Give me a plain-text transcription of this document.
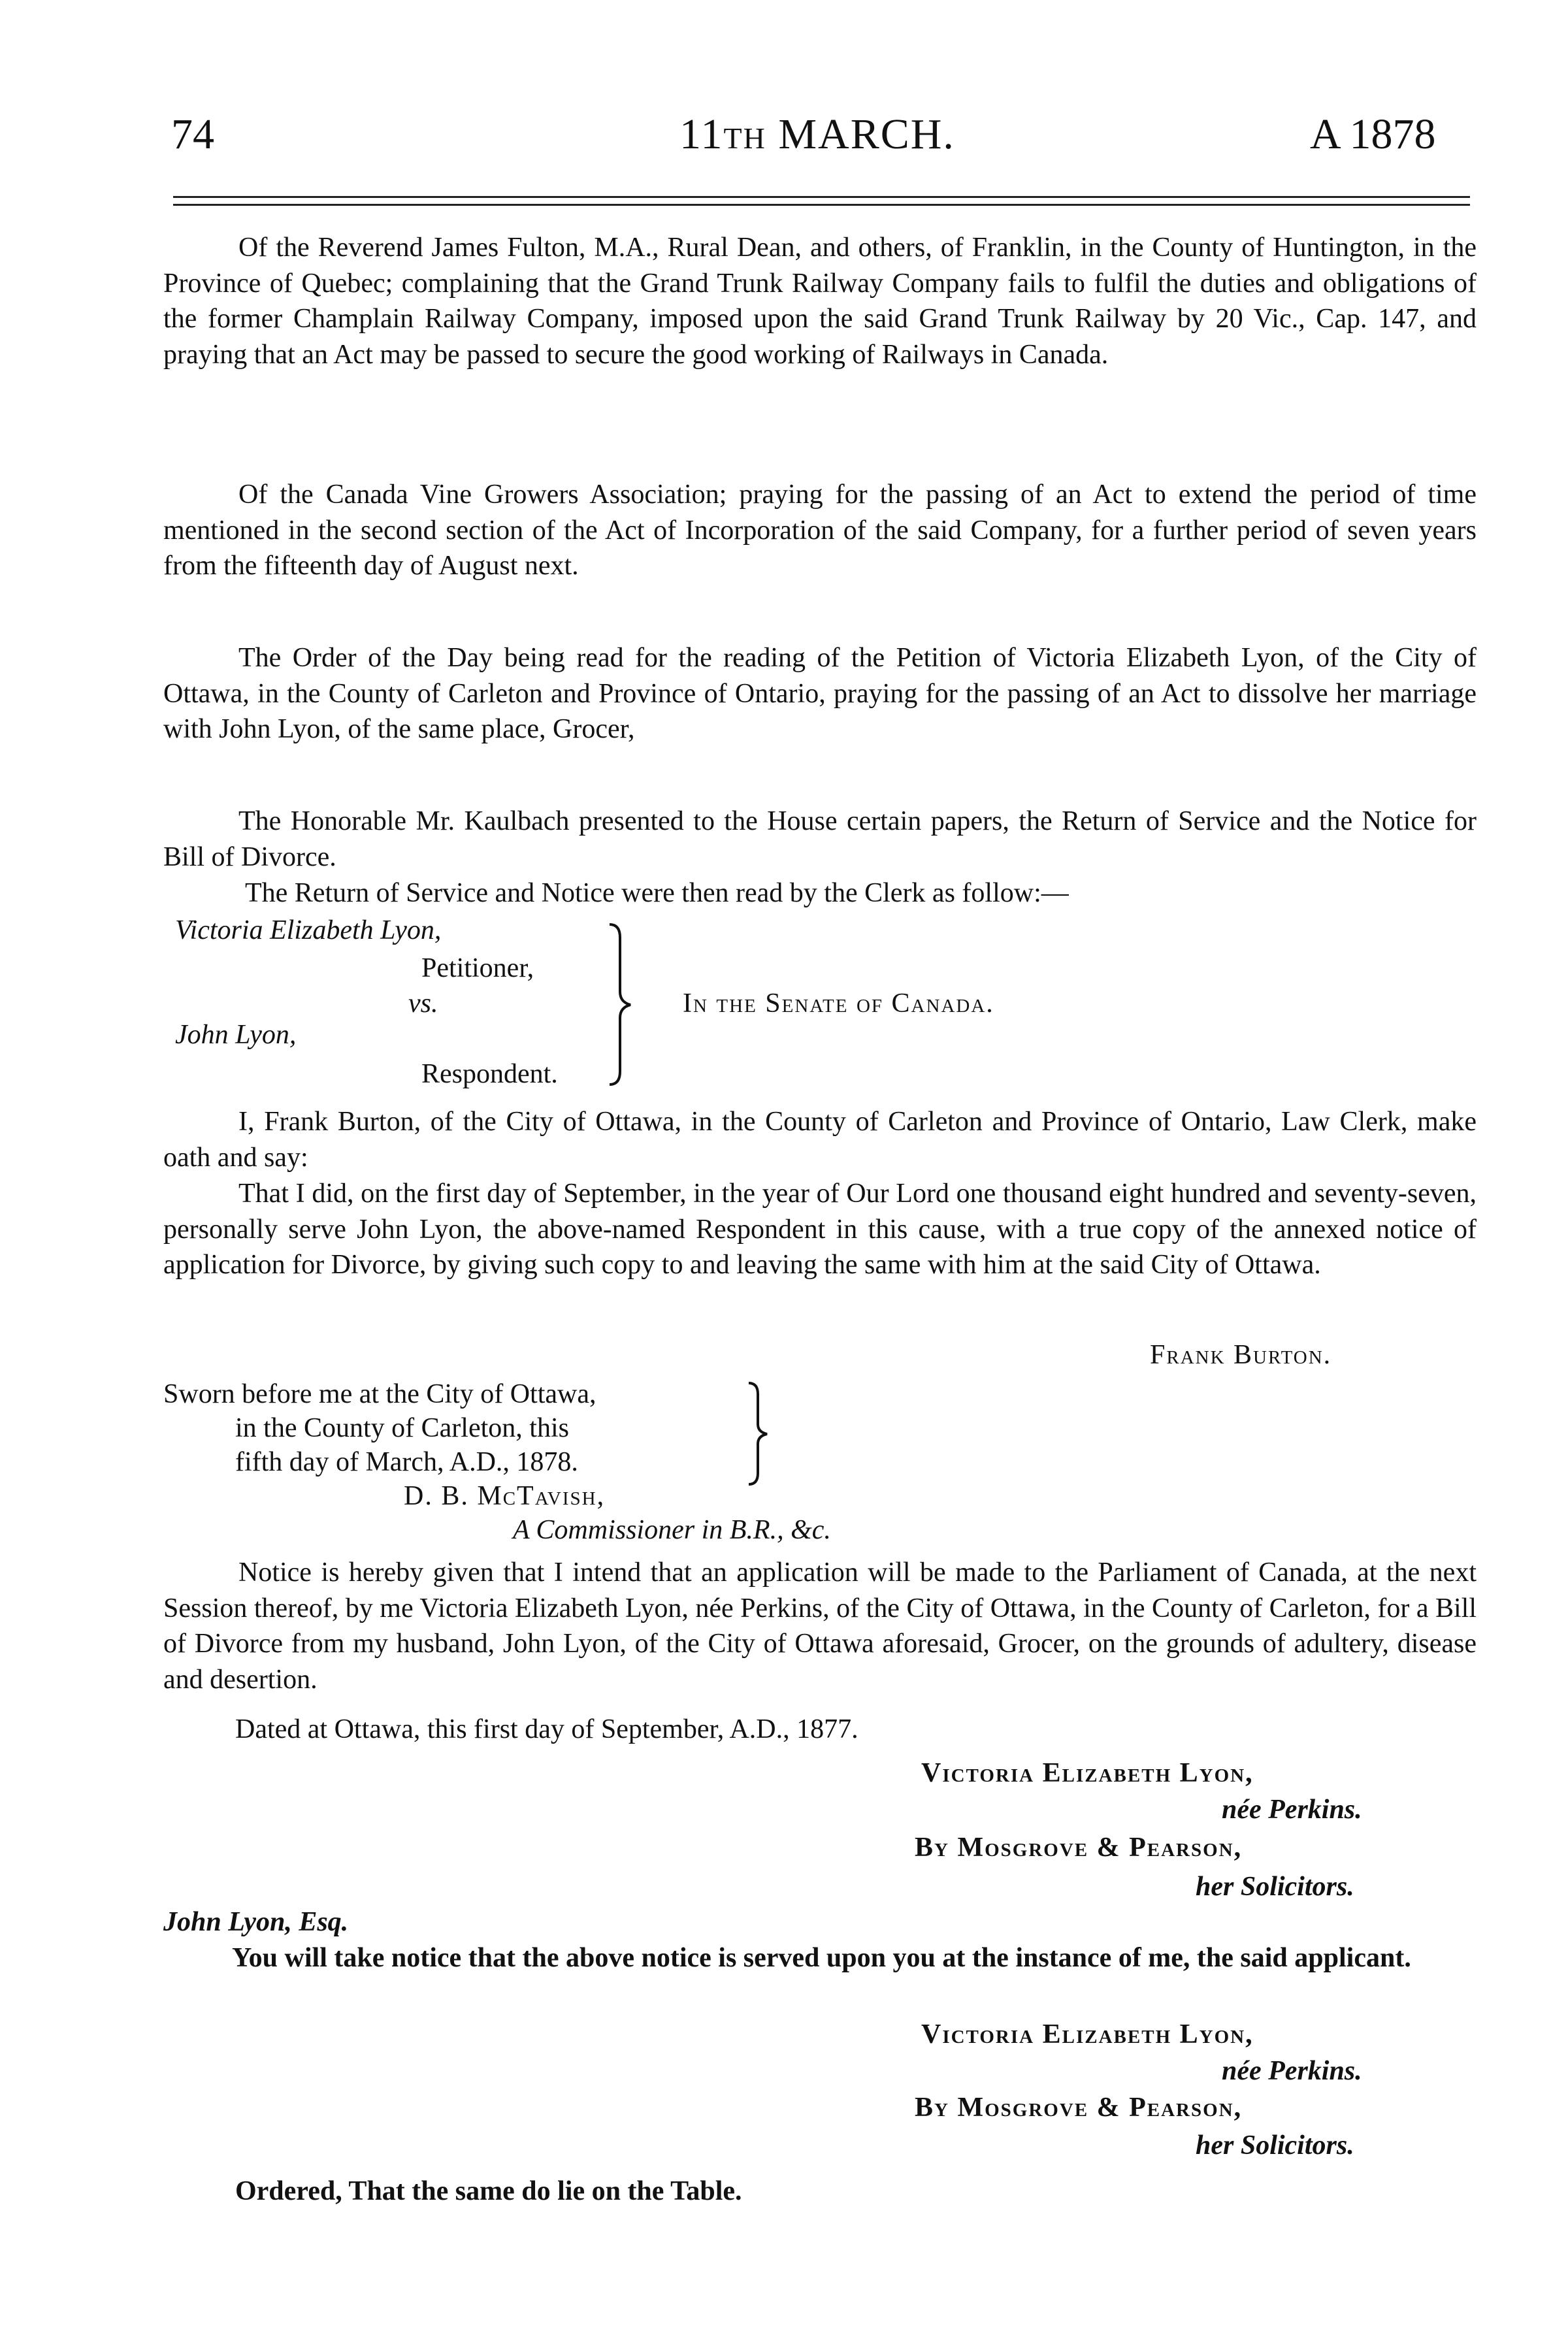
74	11th MARCH.	A 1878
Of the Reverend James Fulton, M.A., Rural Dean, and others, of Franklin, in the County of Huntington, in the Province of Quebec; complaining that the Grand Trunk Railway Company fails to fulfil the duties and obligations of the former Champlain Railway Company, imposed upon the said Grand Trunk Railway by 20 Vic., Cap. 147, and praying that an Act may be passed to secure the good working of Railways in Canada.
Of the Canada Vine Growers Association; praying for the passing of an Act to extend the period of time mentioned in the second section of the Act of Incorporation of the said Company, for a further period of seven years from the fifteenth day of August next.
The Order of the Day being read for the reading of the Petition of Victoria Elizabeth Lyon, of the City of Ottawa, in the County of Carleton and Province of Ontario, praying for the passing of an Act to dissolve her marriage with John Lyon, of the same place, Grocer,
The Honorable Mr. Kaulbach presented to the House certain papers, the Return of Service and the Notice for Bill of Divorce.
The Return of Service and Notice were then read by the Clerk as follow:—
Victoria Elizabeth Lyon,
Petitioner,
vs.
John Lyon,
Respondent.
In the Senate of Canada.
I, Frank Burton, of the City of Ottawa, in the County of Carleton and Province of Ontario, Law Clerk, make oath and say:
That I did, on the first day of September, in the year of Our Lord one thousand eight hundred and seventy-seven, personally serve John Lyon, the above-named Respondent in this cause, with a true copy of the annexed notice of application for Divorce, by giving such copy to and leaving the same with him at the said City of Ottawa.
Frank Burton.
Sworn before me at the City of Ottawa,
in the County of Carleton, this
fifth day of March, A.D., 1878.
D. B. McTavish,
A Commissioner in B.R., &c.
Notice is hereby given that I intend that an application will be made to the Parliament of Canada, at the next Session thereof, by me Victoria Elizabeth Lyon, née Perkins, of the City of Ottawa, in the County of Carleton, for a Bill of Divorce from my husband, John Lyon, of the City of Ottawa aforesaid, Grocer, on the grounds of adultery, disease and desertion.
Dated at Ottawa, this first day of September, A.D., 1877.
Victoria Elizabeth Lyon,
née Perkins.
By Mosgrove & Pearson,
her Solicitors.
John Lyon, Esq.
You will take notice that the above notice is served upon you at the instance of me, the said applicant.
Victoria Elizabeth Lyon,
née Perkins.
By Mosgrove & Pearson,
her Solicitors.
Ordered, That the same do lie on the Table.
